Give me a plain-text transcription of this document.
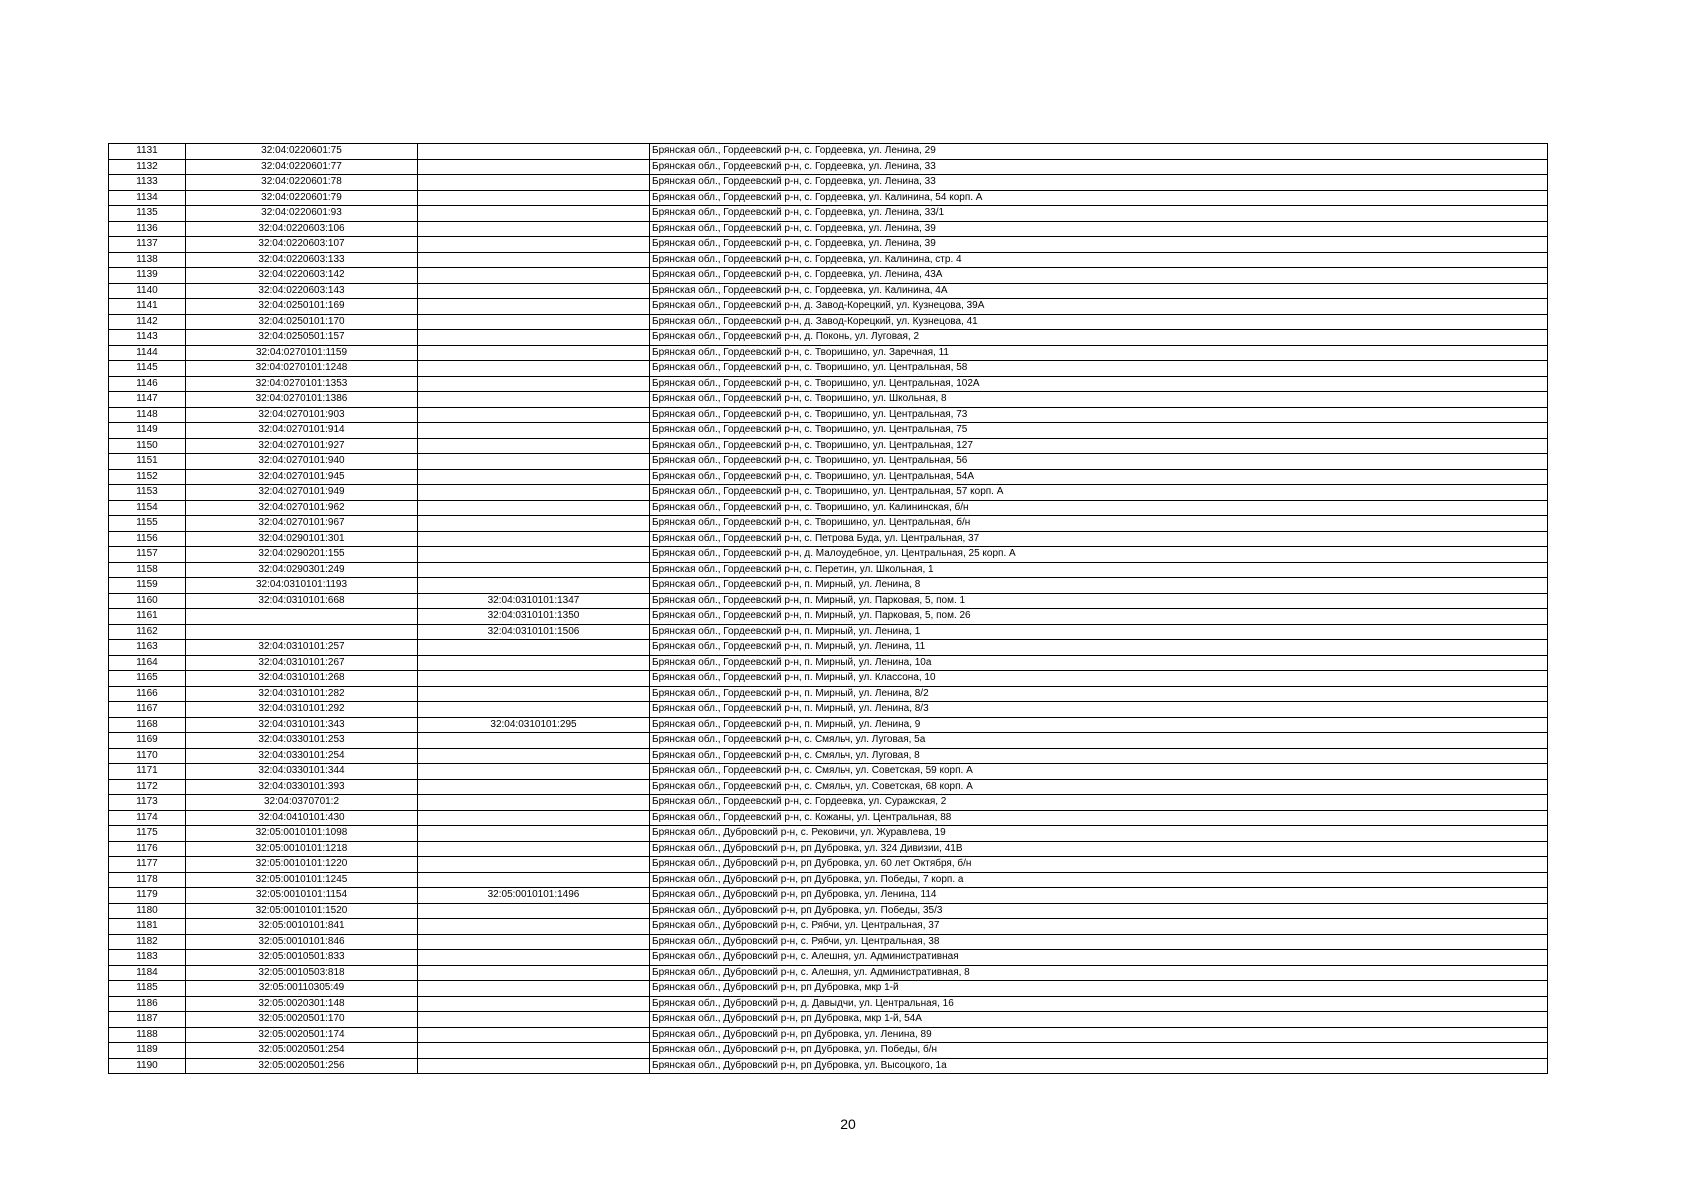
1131	32:04:0220601:75		Брянская обл., Гордеевский р-н, с. Гордеевка, ул. Ленина, 29
1132	32:04:0220601:77		Брянская обл., Гордеевский р-н, с. Гордеевка, ул. Ленина, 33
1133	32:04:0220601:78		Брянская обл., Гордеевский р-н, с. Гордеевка, ул. Ленина, 33
1134	32:04:0220601:79		Брянская обл., Гордеевский р-н, с. Гордеевка, ул. Калинина, 54 корп. А
1135	32:04:0220601:93		Брянская обл., Гордеевский р-н, с. Гордеевка, ул. Ленина, 33/1
1136	32:04:0220603:106		Брянская обл., Гордеевский р-н, с. Гордеевка, ул. Ленина, 39
1137	32:04:0220603:107		Брянская обл., Гордеевский р-н, с. Гордеевка, ул. Ленина, 39
1138	32:04:0220603:133		Брянская обл., Гордеевский р-н, с. Гордеевка, ул. Калинина, стр. 4
1139	32:04:0220603:142		Брянская обл., Гордеевский р-н, с. Гордеевка, ул. Ленина, 43А
1140	32:04:0220603:143		Брянская обл., Гордеевский р-н, с. Гордеевка, ул. Калинина, 4А
1141	32:04:0250101:169		Брянская обл., Гордеевский р-н, д. Завод-Корецкий, ул. Кузнецова, 39А
1142	32:04:0250101:170		Брянская обл., Гордеевский р-н, д. Завод-Корецкий, ул. Кузнецова, 41
1143	32:04:0250501:157		Брянская обл., Гордеевский р-н, д. Поконь, ул. Луговая, 2
1144	32:04:0270101:1159		Брянская обл., Гордеевский р-н, с. Творишино, ул. Заречная, 11
1145	32:04:0270101:1248		Брянская обл., Гордеевский р-н, с. Творишино, ул. Центральная, 58
1146	32:04:0270101:1353		Брянская обл., Гордеевский р-н, с. Творишино, ул. Центральная, 102А
1147	32:04:0270101:1386		Брянская обл., Гордеевский р-н, с. Творишино, ул. Школьная, 8
1148	32:04:0270101:903		Брянская обл., Гордеевский р-н, с. Творишино, ул. Центральная, 73
1149	32:04:0270101:914		Брянская обл., Гордеевский р-н, с. Творишино, ул. Центральная, 75
1150	32:04:0270101:927		Брянская обл., Гордеевский р-н, с. Творишино, ул. Центральная, 127
1151	32:04:0270101:940		Брянская обл., Гордеевский р-н, с. Творишино, ул. Центральная, 56
1152	32:04:0270101:945		Брянская обл., Гордеевский р-н, с. Творишино, ул. Центральная, 54А
1153	32:04:0270101:949		Брянская обл., Гордеевский р-н, с. Творишино, ул. Центральная, 57 корп. А
1154	32:04:0270101:962		Брянская обл., Гордеевский р-н, с. Творишино, ул. Калининская, б/н
1155	32:04:0270101:967		Брянская обл., Гордеевский р-н, с. Творишино, ул. Центральная, б/н
1156	32:04:0290101:301		Брянская обл., Гордеевский р-н, с. Петрова Буда, ул. Центральная, 37
1157	32:04:0290201:155		Брянская обл., Гордеевский р-н, д. Малоудебное, ул. Центральная, 25 корп. А
1158	32:04:0290301:249		Брянская обл., Гордеевский р-н, с. Перетин, ул. Школьная, 1
1159	32:04:0310101:1193		Брянская обл., Гордеевский р-н, п. Мирный, ул. Ленина, 8
1160	32:04:0310101:668	32:04:0310101:1347	Брянская обл., Гордеевский р-н, п. Мирный, ул. Парковая, 5, пом. 1
1161		32:04:0310101:1350	Брянская обл., Гордеевский р-н, п. Мирный, ул. Парковая, 5, пом. 26
1162		32:04:0310101:1506	Брянская обл., Гордеевский р-н, п. Мирный, ул. Ленина, 1
1163	32:04:0310101:257		Брянская обл., Гордеевский р-н, п. Мирный, ул. Ленина, 11
1164	32:04:0310101:267		Брянская обл., Гордеевский р-н, п. Мирный, ул. Ленина, 10а
1165	32:04:0310101:268		Брянская обл., Гордеевский р-н, п. Мирный, ул. Классона, 10
1166	32:04:0310101:282		Брянская обл., Гордеевский р-н, п. Мирный, ул. Ленина, 8/2
1167	32:04:0310101:292		Брянская обл., Гордеевский р-н, п. Мирный, ул. Ленина, 8/3
1168	32:04:0310101:343	32:04:0310101:295	Брянская обл., Гордеевский р-н, п. Мирный, ул. Ленина, 9
1169	32:04:0330101:253		Брянская обл., Гордеевский р-н, с. Смяльч, ул. Луговая, 5а
1170	32:04:0330101:254		Брянская обл., Гордеевский р-н, с. Смяльч, ул. Луговая, 8
1171	32:04:0330101:344		Брянская обл., Гордеевский р-н, с. Смяльч, ул. Советская, 59 корп. А
1172	32:04:0330101:393		Брянская обл., Гордеевский р-н, с. Смяльч, ул. Советская, 68 корп. А
1173	32:04:0370701:2		Брянская обл., Гордеевский р-н, с. Гордеевка, ул. Суражская, 2
1174	32:04:0410101:430		Брянская обл., Гордеевский р-н, с. Кожаны, ул. Центральная, 88
1175	32:05:0010101:1098		Брянская обл., Дубровский р-н, с. Рековичи, ул. Журавлева, 19
1176	32:05:0010101:1218		Брянская обл., Дубровский р-н, рп Дубровка, ул. 324 Дивизии, 41В
1177	32:05:0010101:1220		Брянская обл., Дубровский р-н, рп Дубровка, ул. 60 лет Октября, б/н
1178	32:05:0010101:1245		Брянская обл., Дубровский р-н, рп Дубровка, ул. Победы, 7 корп. а
1179	32:05:0010101:1154	32:05:0010101:1496	Брянская обл., Дубровский р-н, рп Дубровка, ул. Ленина, 114
1180	32:05:0010101:1520		Брянская обл., Дубровский р-н, рп Дубровка, ул. Победы, 35/3
1181	32:05:0010101:841		Брянская обл., Дубровский р-н, с. Рябчи, ул. Центральная, 37
1182	32:05:0010101:846		Брянская обл., Дубровский р-н, с. Рябчи, ул. Центральная, 38
1183	32:05:0010501:833		Брянская обл., Дубровский р-н, с. Алешня, ул. Административная
1184	32:05:0010503:818		Брянская обл., Дубровский р-н, с. Алешня, ул. Административная, 8
1185	32:05:00110305:49		Брянская обл., Дубровский р-н, рп Дубровка, мкр 1-й
1186	32:05:0020301:148		Брянская обл., Дубровский р-н, д. Давыдчи, ул. Центральная, 16
1187	32:05:0020501:170		Брянская обл., Дубровский р-н, рп Дубровка, мкр 1-й, 54А
1188	32:05:0020501:174		Брянская обл., Дубровский р-н, рп Дубровка, ул. Ленина, 89
1189	32:05:0020501:254		Брянская обл., Дубровский р-н, рп Дубровка, ул. Победы, б/н
1190	32:05:0020501:256		Брянская обл., Дубровский р-н, рп Дубровка, ул. Высоцкого, 1а
20
